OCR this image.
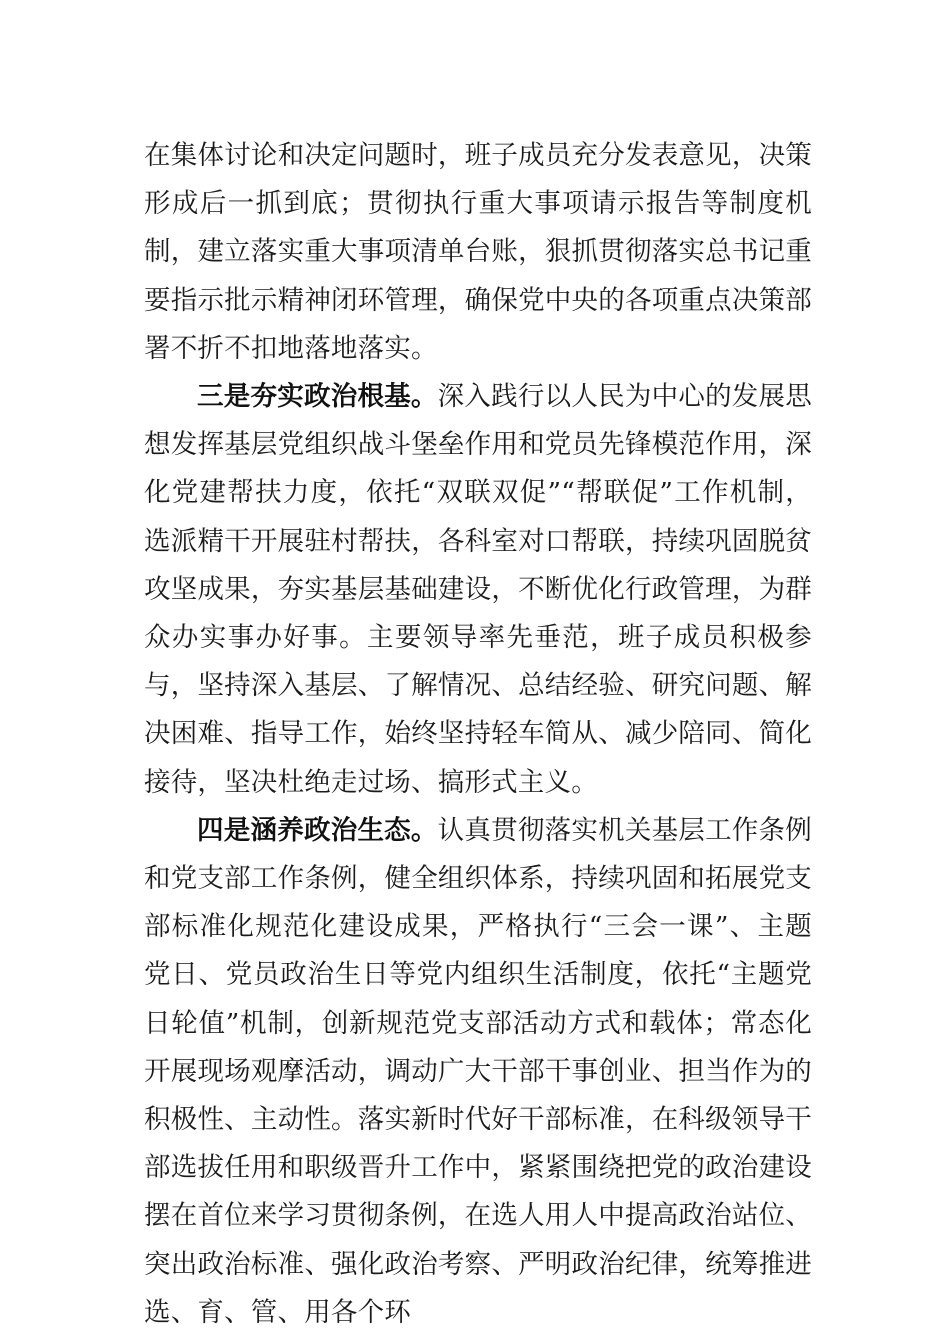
在集体讨论和决定问题时，班子成员充分发表意见，决策形成后一抓到底；贯彻执行重大事项请示报告等制度机制，建立落实重大事项清单台账，狠抓贯彻落实总书记重要指示批示精神闭环管理，确保党中央的各项重点决策部署不折不扣地落地落实。

三是夯实政治根基。深入践行以人民为中心的发展思想发挥基层党组织战斗堡垒作用和党员先锋模范作用，深化党建帮扶力度，依托“双联双促”“帮联促”工作机制，选派精干开展驻村帮扶，各科室对口帮联，持续巩固脱贫攻坚成果，夯实基层基础建设，不断优化行政管理，为群众办实事办好事。主要领导率先垂范，班子成员积极参与，坚持深入基层、了解情况、总结经验、研究问题、解决困难、指导工作，始终坚持轻车简从、减少陪同、简化接待，坚决杜绝走过场、搞形式主义。

四是涵养政治生态。认真贯彻落实机关基层工作条例和党支部工作条例，健全组织体系，持续巩固和拓展党支部标准化规范化建设成果，严格执行“三会一课”、主题党日、党员政治生日等党内组织生活制度，依托“主题党日轮值”机制，创新规范党支部活动方式和载体；常态化开展现场观摩活动，调动广大干部干事创业、担当作为的积极性、主动性。落实新时代好干部标准，在科级领导干部选拔任用和职级晋升工作中，紧紧围绕把党的政治建设摆在首位来学习贯彻条例，在选人用人中提高政治站位、突出政治标准、强化政治考察、严明政治纪律，统筹推进选、育、管、用各个环
